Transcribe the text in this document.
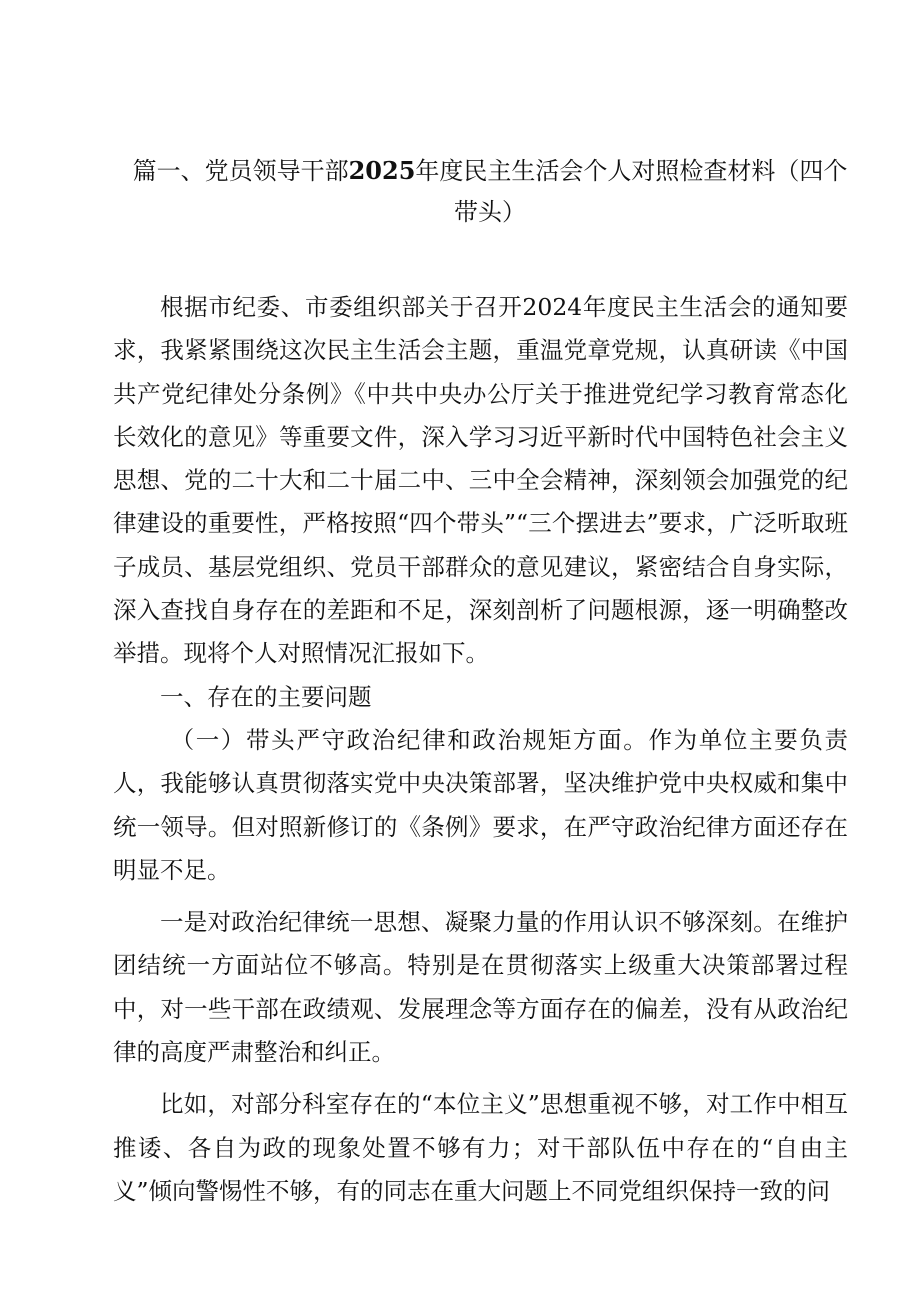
篇一、党员领导干部2025年度民主生活会个人对照检查材料（四个
带头）

根据市纪委、市委组织部关于召开2024年度民主生活会的通知要求，我紧紧围绕这次民主生活会主题，重温党章党规，认真研读《中国共产党纪律处分条例》《中共中央办公厅关于推进党纪学习教育常态化长效化的意见》等重要文件，深入学习习近平新时代中国特色社会主义思想、党的二十大和二十届二中、三中全会精神，深刻领会加强党的纪律建设的重要性，严格按照“四个带头”“三个摆进去”要求，广泛听取班子成员、基层党组织、党员干部群众的意见建议，紧密结合自身实际，深入查找自身存在的差距和不足，深刻剖析了问题根源，逐一明确整改举措。现将个人对照情况汇报如下。

一、存在的主要问题

（一）带头严守政治纪律和政治规矩方面。作为单位主要负责人，我能够认真贯彻落实党中央决策部署，坚决维护党中央权威和集中统一领导。但对照新修订的《条例》要求，在严守政治纪律方面还存在明显不足。

一是对政治纪律统一思想、凝聚力量的作用认识不够深刻。在维护团结统一方面站位不够高。特别是在贯彻落实上级重大决策部署过程中，对一些干部在政绩观、发展理念等方面存在的偏差，没有从政治纪律的高度严肃整治和纠正。

比如，对部分科室存在的“本位主义”思想重视不够，对工作中相互推诿、各自为政的现象处置不够有力；对干部队伍中存在的“自由主义”倾向警惕性不够，有的同志在重大问题上不同党组织保持一致的问
